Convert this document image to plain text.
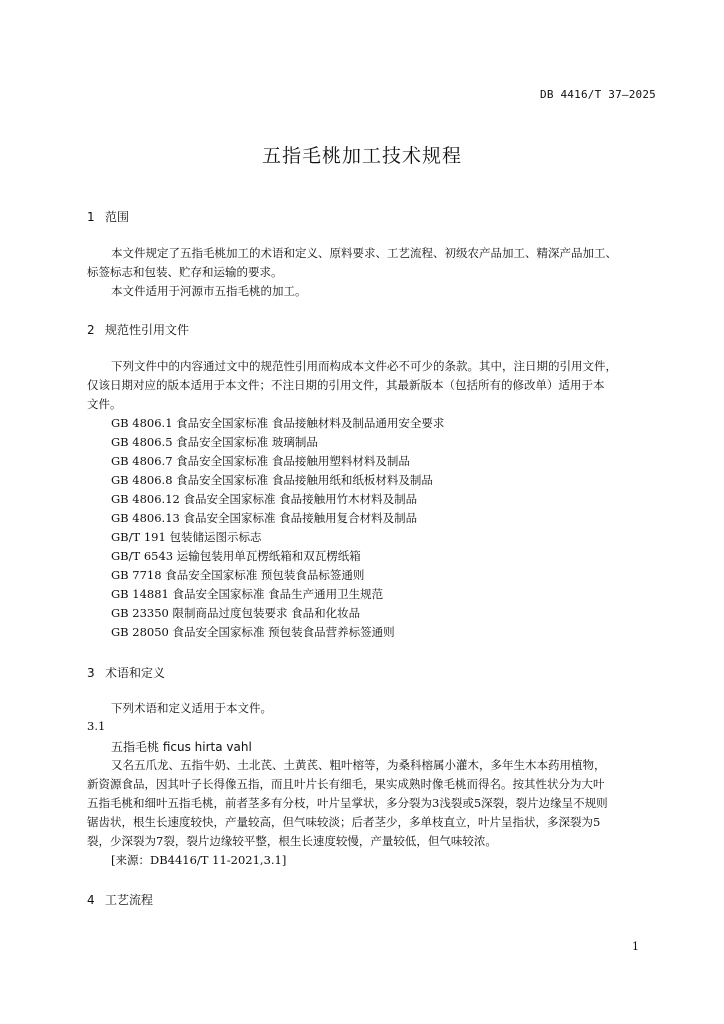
DB 4416/T 37—2025
五指毛桃加工技术规程
1 范围
本文件规定了五指毛桃加工的术语和定义、原料要求、工艺流程、初级农产品加工、精深产品加工、
标签标志和包装、贮存和运输的要求。
本文件适用于河源市五指毛桃的加工。
2 规范性引用文件
下列文件中的内容通过文中的规范性引用而构成本文件必不可少的条款。其中，注日期的引用文件，
仅该日期对应的版本适用于本文件；不注日期的引用文件，其最新版本（包括所有的修改单）适用于本
文件。
GB 4806.1 食品安全国家标准 食品接触材料及制品通用安全要求
GB 4806.5 食品安全国家标准 玻璃制品
GB 4806.7 食品安全国家标准 食品接触用塑料材料及制品
GB 4806.8 食品安全国家标准 食品接触用纸和纸板材料及制品
GB 4806.12 食品安全国家标准 食品接触用竹木材料及制品
GB 4806.13 食品安全国家标准 食品接触用复合材料及制品
GB/T 191 包装储运图示标志
GB/T 6543 运输包装用单瓦楞纸箱和双瓦楞纸箱
GB 7718 食品安全国家标准 预包装食品标签通则
GB 14881 食品安全国家标准 食品生产通用卫生规范
GB 23350 限制商品过度包装要求 食品和化妆品
GB 28050 食品安全国家标准 预包装食品营养标签通则
3 术语和定义
下列术语和定义适用于本文件。
3.1
五指毛桃 ficus hirta vahl
又名五爪龙、五指牛奶、土北芪、土黄芪、粗叶榕等，为桑科榕属小灌木，多年生木本药用植物，
新资源食品，因其叶子长得像五指，而且叶片长有细毛，果实成熟时像毛桃而得名。按其性状分为大叶
五指毛桃和细叶五指毛桃，前者茎多有分枝，叶片呈掌状，多分裂为3浅裂或5深裂，裂片边缘呈不规则
锯齿状，根生长速度较快，产量较高，但气味较淡；后者茎少，多单枝直立，叶片呈指状，多深裂为5
裂，少深裂为7裂，裂片边缘较平整，根生长速度较慢，产量较低，但气味较浓。
[来源：DB4416/T 11-2021,3.1]
4 工艺流程
1
